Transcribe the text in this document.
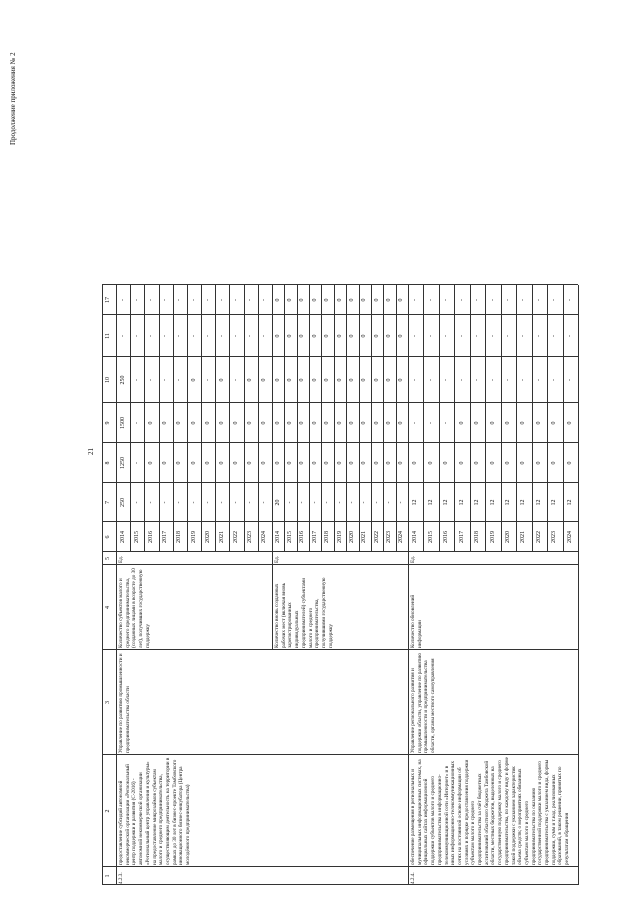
Продолжение приложения № 2
21
1
2
3
4
5
6
7
8
9
10
11
17
4.2.3.
предоставление субсидий автономной некоммерческой организации «Региональный центр поддержки и развития (С-2016) - автономной некоммерческой организации «Региональный центр управления и культуры» на предоставление микрозаймов субъектам малого и среднего предпринимательства, осуществляющим деятельность на территории в рамках до 30 лет в бизнес-проекте Тамбовского инновационного бизнес-инкубатора (Центра молодёжного предпринимательства)
Управление по развитию промышленности и предпринимательства области
Количество субъектов малого и среднего предпринимательства, (созданных лицами в возрасте до 30 лет), получивших государственную поддержку
Ед.
2014
250
1250
1500
250
-
-
2015
-
-
-
-
-
-
2016
-
0
0
-
-
-
2017
-
0
0
-
-
-
2018
-
0
0
-
-
-
2019
-
0
0
0
-
-
2020
-
0
0
-
-
-
2021
-
0
0
0
-
-
2022
-
0
0
-
-
-
2023
-
0
0
0
-
-
2024
-
0
0
0
-
-
Количество вновь созданных рабочих мест (включая вновь зарегистрированных индивидуальных предпринимателей) субъектами малого и среднего предпринимательства, получившими государственную поддержку
Ед.
2014
20
0
0
0
0
0
2015
-
0
0
0
0
0
2016
-
0
0
0
0
0
2017
-
0
0
0
0
0
2018
-
0
0
0
0
0
2019
-
0
0
0
0
0
2020
-
0
0
0
0
0
2021
-
0
0
0
0
0
2022
-
0
0
0
0
0
2023
-
0
0
0
0
0
2024
-
0
0
0
0
0
4.2.4.
обеспечение размещения в региональных и муниципальных информационных системах, на официальных сайтах информационной поддержки субъектов малого и среднего предпринимательства в информационно-телекоммуникационной сети «Интернет» и в иных информационно-телекоммуникационных сетях на постоянной основе информации об условиях и порядке предоставления поддержки субъектам малого и среднего предпринимательства за счёт бюджетных ассигнований областного бюджета Тамбовской области, местных бюджетов, выделенных на государственную поддержку малого и среднего предпринимательства, по каждому виду и форме такой поддержки с указанием характеристик объема средств; о мероприятиях обязанных субъектам малого и среднего предпринимательства по оказанию государственной поддержки малого и среднего предпринимательства с указанием вида, формы поддержки, сумм и т.над. реализованных образований, в таком решении, принятых по результатам обращения
Управление регионального развития и поддержки области, управление по развитию промышленности и предпринимательства области, органы местного самоуправления
Количество обновлений информации
Ед.
2014
12
0
-
-
-
-
2015
12
0
-
-
-
-
2016
12
0
-
-
-
-
2017
12
0
0
-
-
-
2018
12
0
0
-
-
-
2019
12
0
0
-
-
-
2020
12
0
0
-
-
-
2021
12
0
0
-
-
-
2022
12
0
0
-
-
-
2023
12
0
0
-
-
-
2024
12
0
0
-
-
-
